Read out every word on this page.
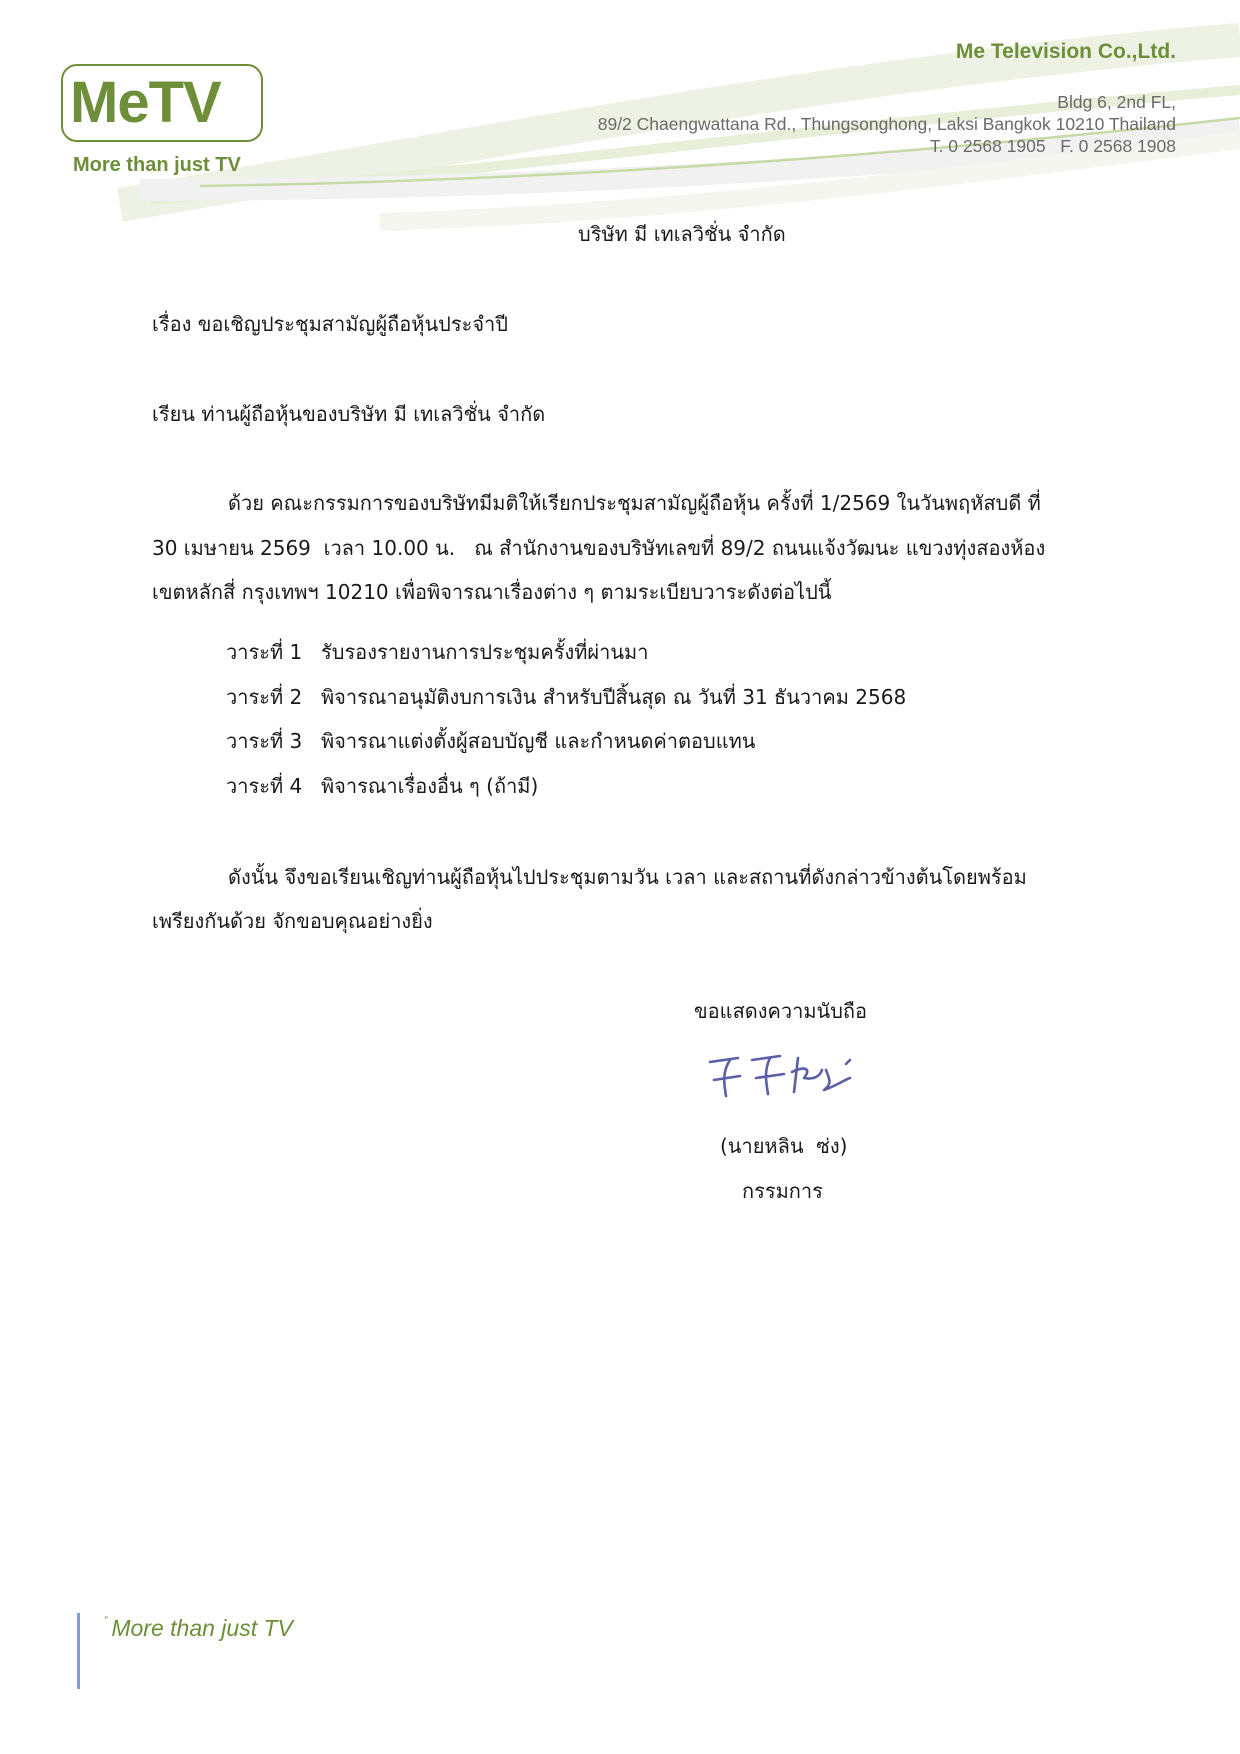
MeTV
More than just TV
Me Television Co.,Ltd.
Bldg 6, 2nd FL,
89/2 Chaengwattana Rd., Thungsonghong, Laksi Bangkok 10210 Thailand
T. 0 2568 1905   F. 0 2568 1908
บริษัท มี เทเลวิชั่น จำกัด
เรื่อง ขอเชิญประชุมสามัญผู้ถือหุ้นประจำปี
เรียน ท่านผู้ถือหุ้นของบริษัท มี เทเลวิชั่น จำกัด
ด้วย คณะกรรมการของบริษัทมีมติให้เรียกประชุมสามัญผู้ถือหุ้น ครั้งที่ 1/2569 ในวันพฤหัสบดี ที่
30 เมษายน 2569  เวลา 10.00 น.   ณ สำนักงานของบริษัทเลขที่ 89/2 ถนนแจ้งวัฒนะ แขวงทุ่งสองห้อง
เขตหลักสี่ กรุงเทพฯ 10210 เพื่อพิจารณาเรื่องต่าง ๆ ตามระเบียบวาระดังต่อไปนี้
วาระที่ 1 รับรองรายงานการประชุมครั้งที่ผ่านมา
วาระที่ 2 พิจารณาอนุมัติงบการเงิน สำหรับปีสิ้นสุด ณ วันที่ 31 ธันวาคม 2568
วาระที่ 3 พิจารณาแต่งตั้งผู้สอบบัญชี และกำหนดค่าตอบแทน
วาระที่ 4 พิจารณาเรื่องอื่น ๆ (ถ้ามี)
ดังนั้น จึงขอเรียนเชิญท่านผู้ถือหุ้นไปประชุมตามวัน เวลา และสถานที่ดังกล่าวข้างต้นโดยพร้อม
เพรียงกันด้วย จักขอบคุณอย่างยิ่ง
ขอแสดงความนับถือ
(นายหลิน  ซ่ง)
กรรมการ
“ More than just TV
